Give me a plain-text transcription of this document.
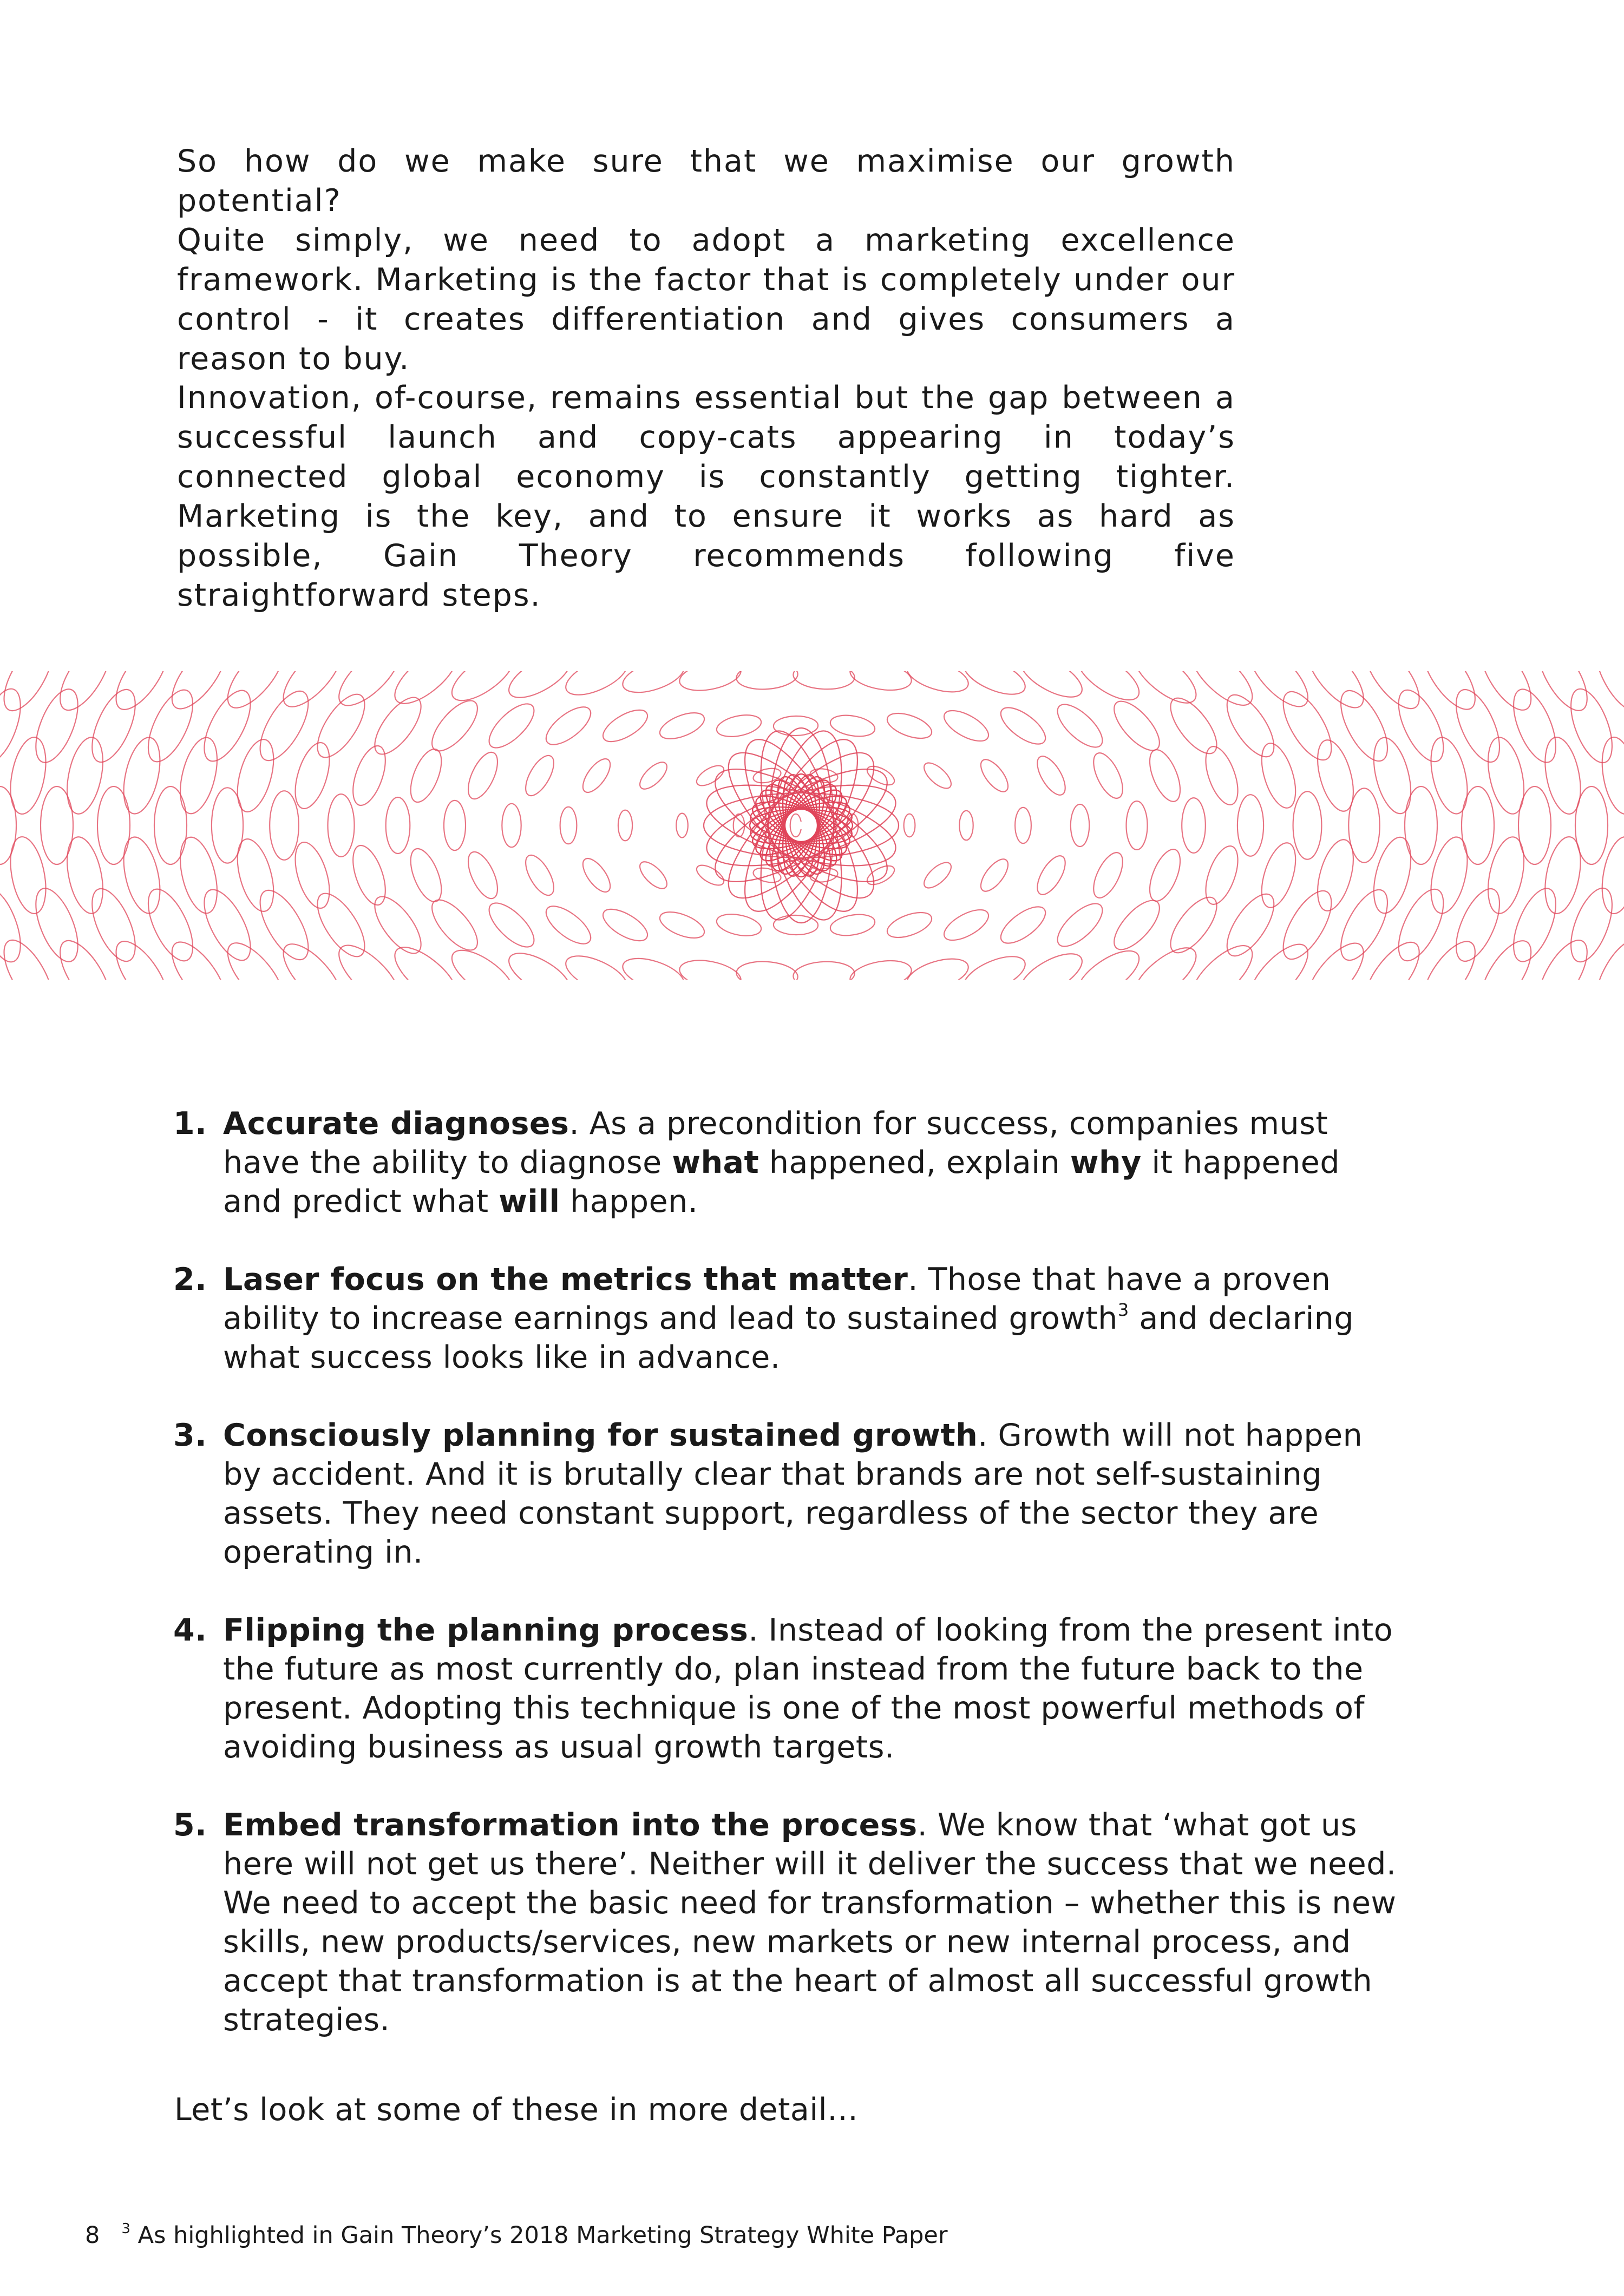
So how do we make sure that we maximise our growth potential?

Quite simply, we need to adopt a marketing excellence framework. Marketing is the factor that is completely under our control - it creates differentiation and gives consumers a reason to buy.

Innovation, of-course, remains essential but the gap between a successful launch and copy-cats appearing in today’s connected global economy is constantly getting tighter. Marketing is the key, and to ensure it works as hard as possible, Gain Theory recommends following five straightforward steps.

1. Accurate diagnoses. As a precondition for success, companies must have the ability to diagnose what happened, explain why it happened and predict what will happen.
2. Laser focus on the metrics that matter. Those that have a proven ability to increase earnings and lead to sustained growth$^3$ and declaring what success looks like in advance.
3. Consciously planning for sustained growth. Growth will not happen by accident. And it is brutally clear that brands are not self-sustaining assets. They need constant support, regardless of the sector they are operating in.
4. Flipping the planning process. Instead of looking from the present into the future as most currently do, plan instead from the future back to the present. Adopting this technique is one of the most powerful methods of avoiding business as usual growth targets.
5. Embed transformation into the process. We know that ‘what got us here will not get us there’. Neither will it deliver the success that we need. We need to accept the basic need for transformation – whether this is new skills, new products/services, new markets or new internal process, and accept that transformation is at the heart of almost all successful growth strategies.

Let’s look at some of these in more detail…

8 $^3$ As highlighted in Gain Theory’s 2018 Marketing Strategy White Paper
